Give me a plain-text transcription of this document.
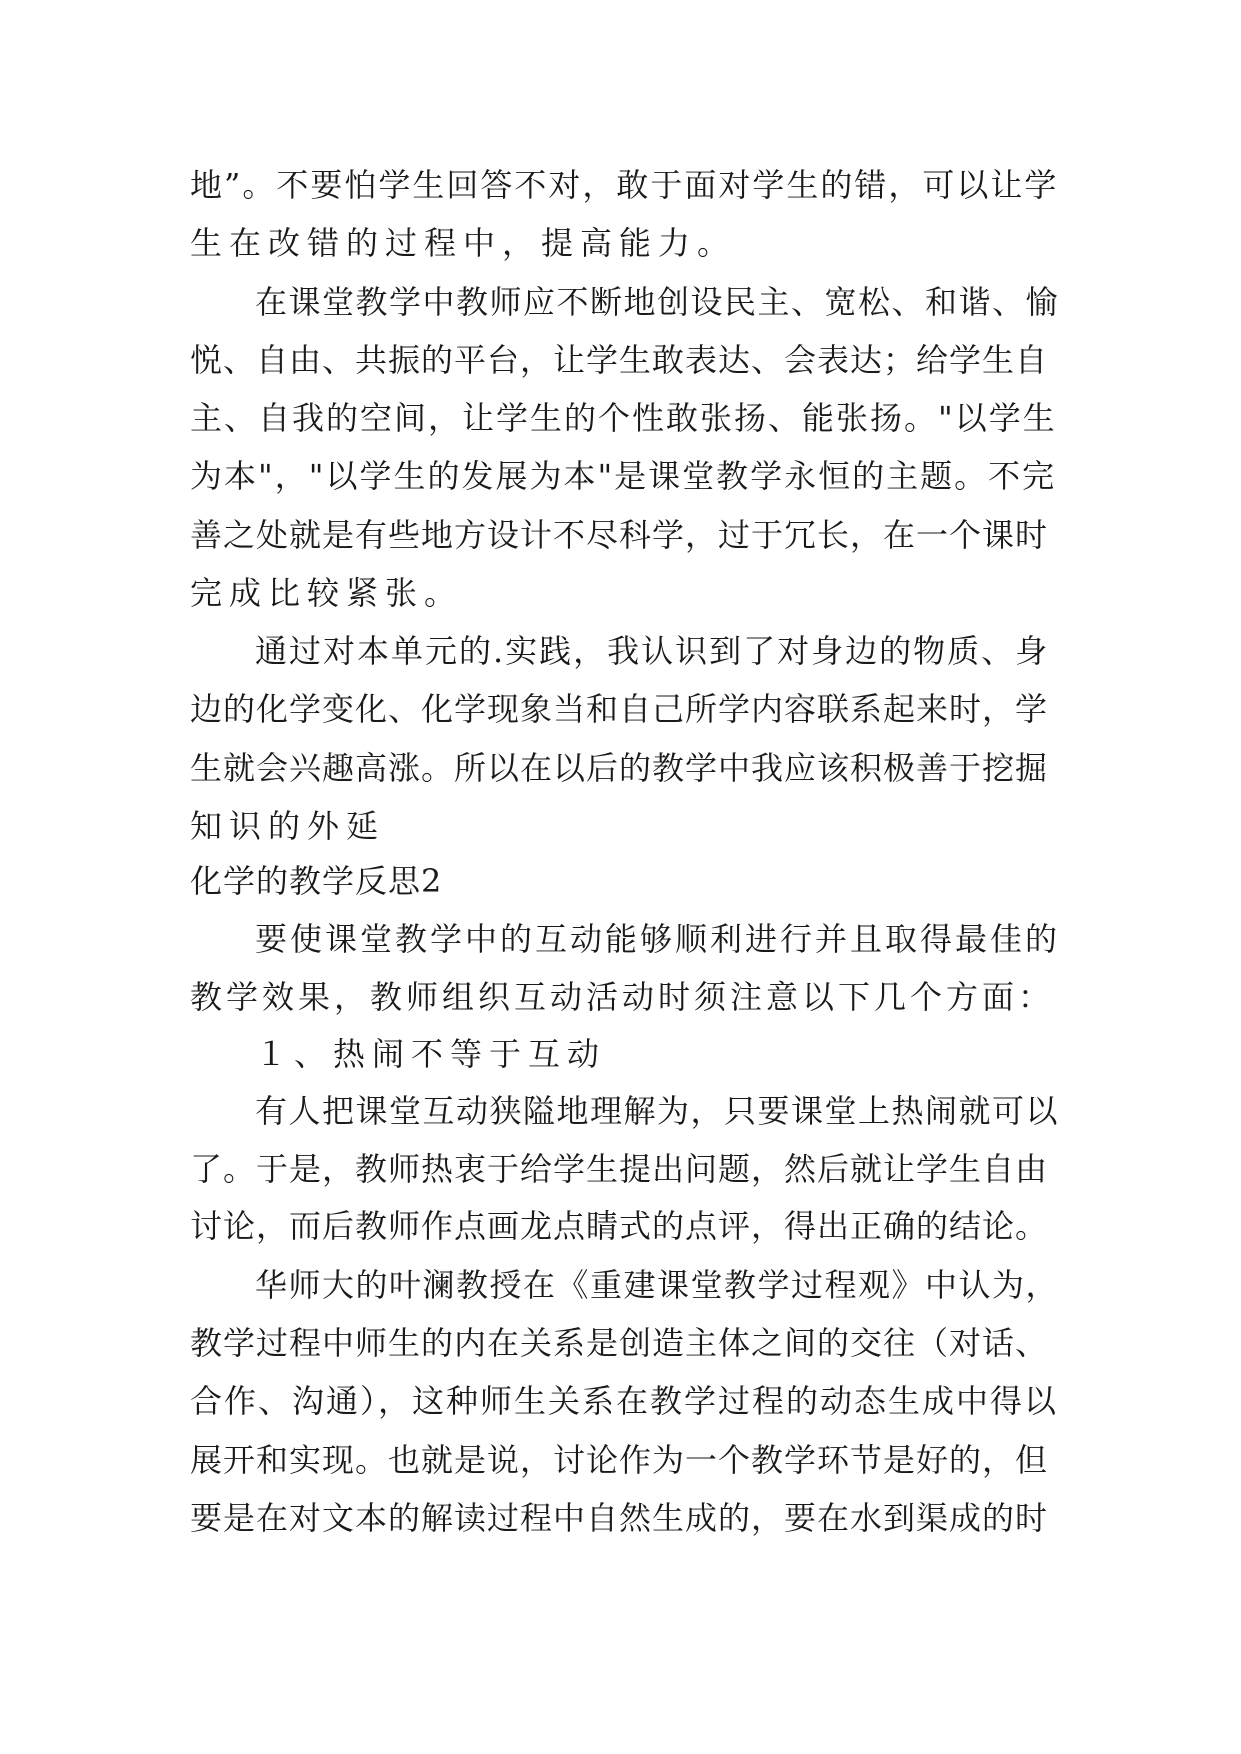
地”。不要怕学生回答不对，敢于面对学生的错，可以让学
生在改错的过程中，提高能力。
在课堂教学中教师应不断地创设民主、宽松、和谐、愉
悦、自由、共振的平台，让学生敢表达、会表达；给学生自
主、自我的空间，让学生的个性敢张扬、能张扬。"以学生
为本"，"以学生的发展为本"是课堂教学永恒的主题。不完
善之处就是有些地方设计不尽科学，过于冗长，在一个课时
完成比较紧张。
通过对本单元的.实践，我认识到了对身边的物质、身
边的化学变化、化学现象当和自己所学内容联系起来时，学
生就会兴趣高涨。所以在以后的教学中我应该积极善于挖掘
知识的外延
化学的教学反思2
要使课堂教学中的互动能够顺利进行并且取得最佳的
教学效果，教师组织互动活动时须注意以下几个方面：
１、热闹不等于互动
有人把课堂互动狭隘地理解为，只要课堂上热闹就可以
了。于是，教师热衷于给学生提出问题，然后就让学生自由
讨论，而后教师作点画龙点睛式的点评，得出正确的结论。
华师大的叶澜教授在《重建课堂教学过程观》中认为，
教学过程中师生的内在关系是创造主体之间的交往（对话、
合作、沟通），这种师生关系在教学过程的动态生成中得以
展开和实现。也就是说，讨论作为一个教学环节是好的，但
要是在对文本的解读过程中自然生成的，要在水到渠成的时
